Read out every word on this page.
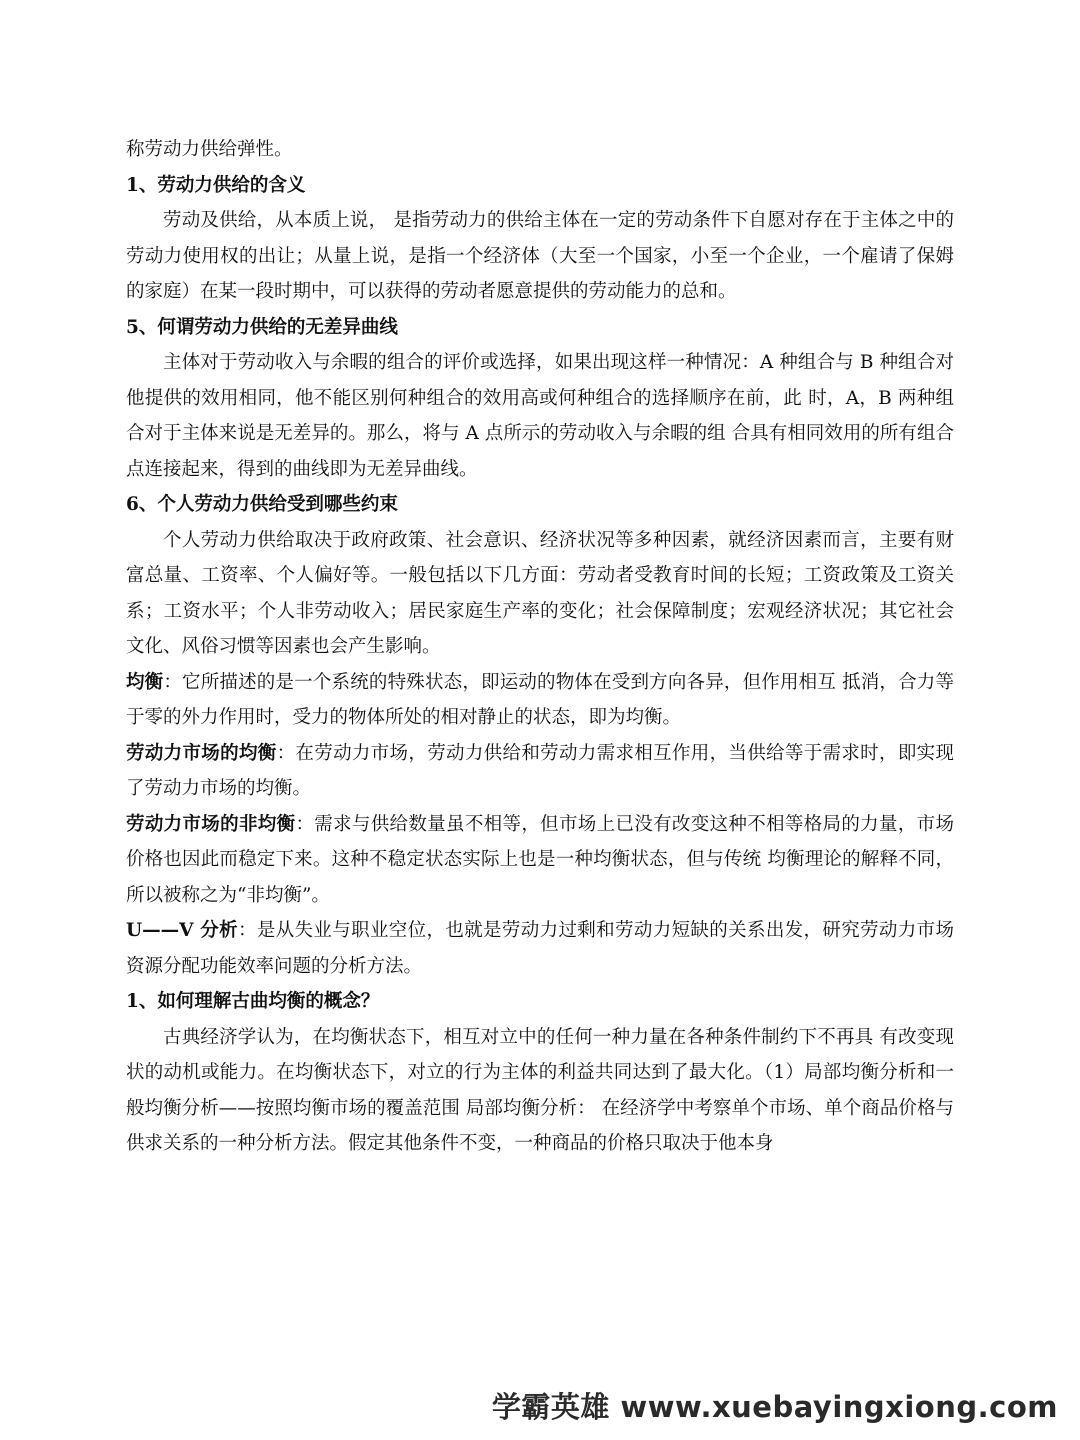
称劳动力供给弹性。

1、劳动力供给的含义

劳动及供给，从本质上说， 是指劳动力的供给主体在一定的劳动条件下自愿对存在于主体之中的劳动力使用权的出让；从量上说，是指一个经济体（大至一个国家，小至一个企业，一个雇请了保姆的家庭）在某一段时期中，可以获得的劳动者愿意提供的劳动能力的总和。

5、何谓劳动力供给的无差异曲线

主体对于劳动收入与余暇的组合的评价或选择，如果出现这样一种情况：A 种组合与 B 种组合对他提供的效用相同，他不能区别何种组合的效用高或何种组合的选择顺序在前，此 时，A，B 两种组合对于主体来说是无差异的。那么，将与 A 点所示的劳动收入与余暇的组 合具有相同效用的所有组合点连接起来，得到的曲线即为无差异曲线。

6、个人劳动力供给受到哪些约束

个人劳动力供给取决于政府政策、社会意识、经济状况等多种因素，就经济因素而言，主要有财富总量、工资率、个人偏好等。一般包括以下几方面：劳动者受教育时间的长短；工资政策及工资关系；工资水平；个人非劳动收入；居民家庭生产率的变化；社会保障制度；宏观经济状况；其它社会文化、风俗习惯等因素也会产生影响。

均衡：它所描述的是一个系统的特殊状态，即运动的物体在受到方向各异，但作用相互 抵消，合力等于零的外力作用时，受力的物体所处的相对静止的状态，即为均衡。

劳动力市场的均衡：在劳动力市场，劳动力供给和劳动力需求相互作用，当供给等于需求时，即实现了劳动力市场的均衡。

劳动力市场的非均衡：需求与供给数量虽不相等，但市场上已没有改变这种不相等格局的力量，市场价格也因此而稳定下来。这种不稳定状态实际上也是一种均衡状态，但与传统 均衡理论的解释不同，所以被称之为“非均衡”。

U——V 分析：是从失业与职业空位，也就是劳动力过剩和劳动力短缺的关系出发，研究劳动力市场资源分配功能效率问题的分析方法。

1、如何理解古曲均衡的概念？

古典经济学认为，在均衡状态下，相互对立中的任何一种力量在各种条件制约下不再具 有改变现状的动机或能力。在均衡状态下，对立的行为主体的利益共同达到了最大化。（1）局部均衡分析和一般均衡分析——按照均衡市场的覆盖范围 局部均衡分析： 在经济学中考察单个市场、单个商品价格与供求关系的一种分析方法。假定其他条件不变，一种商品的价格只取决于他本身

学霸英雄 www.xuebayingxiong.com
